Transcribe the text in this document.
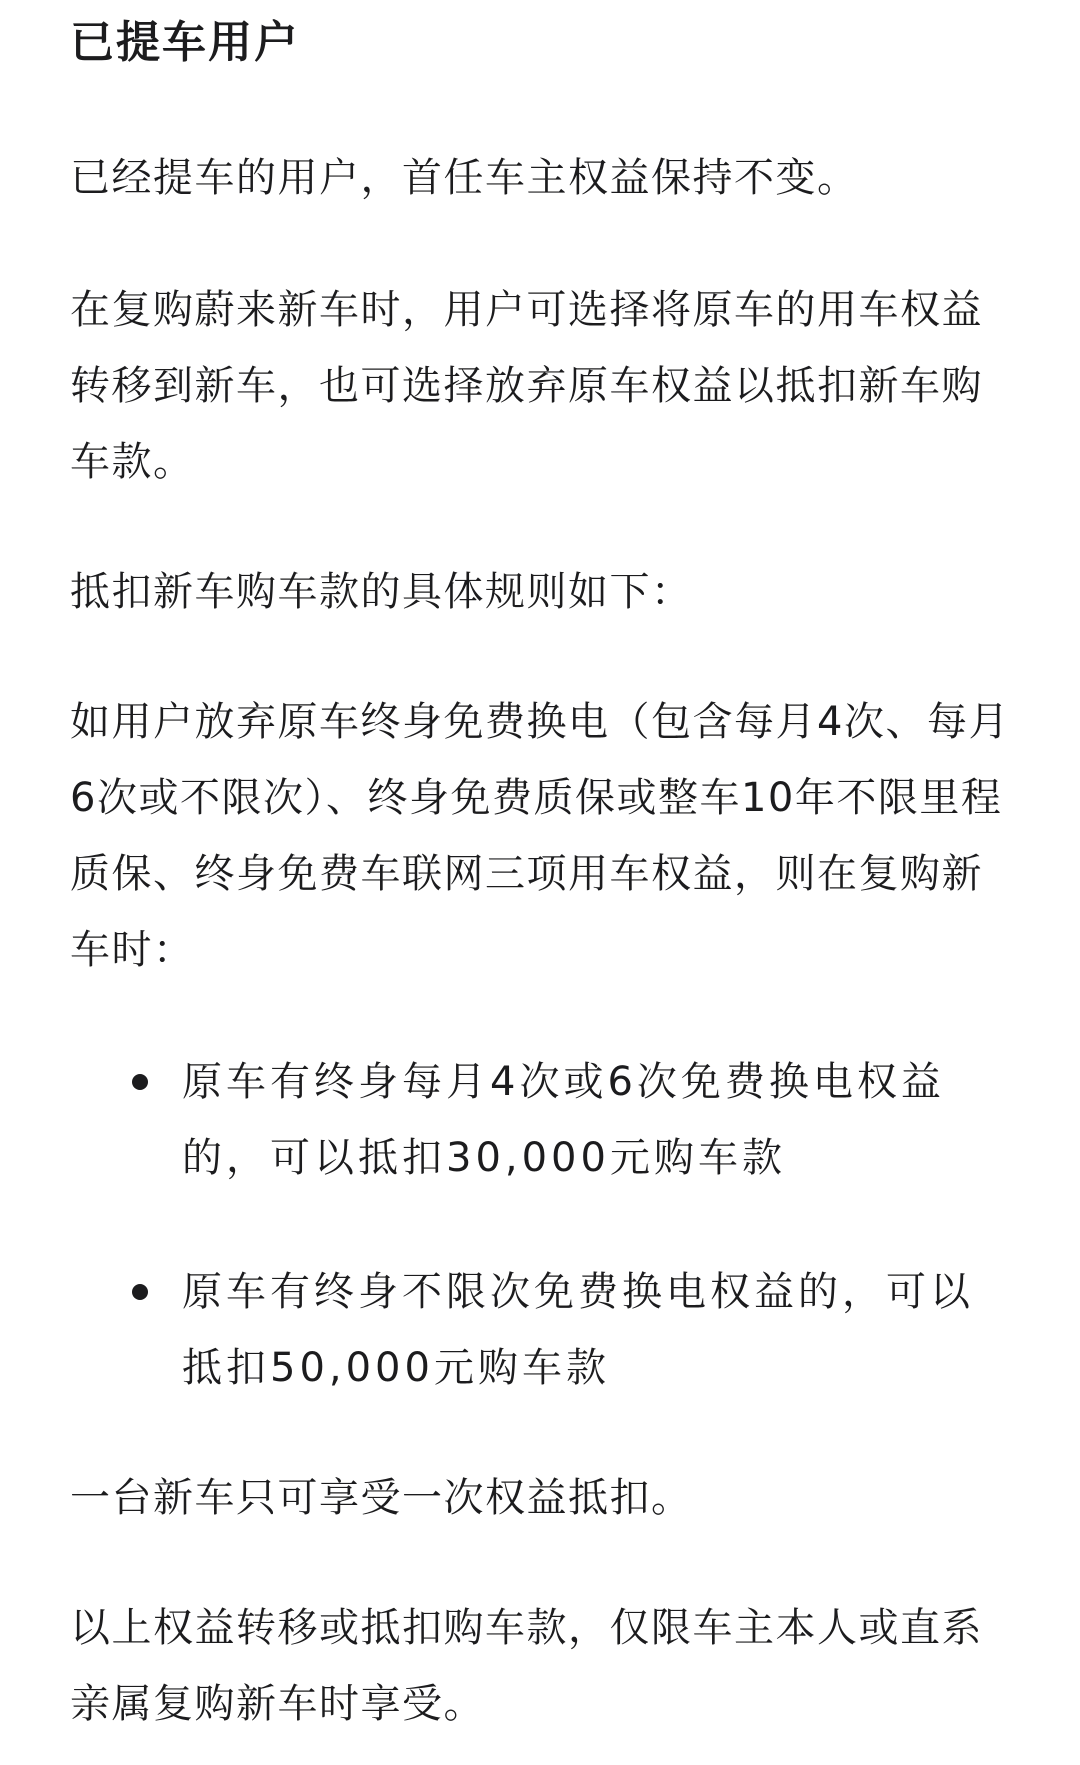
已提车用户

已经提车的用户，首任车主权益保持不变。

在复购蔚来新车时，用户可选择将原车的用车权益转移到新车，也可选择放弃原车权益以抵扣新车购车款。

抵扣新车购车款的具体规则如下：

如用户放弃原车终身免费换电（包含每月4次、每月6次或不限次）、终身免费质保或整车10年不限里程质保、终身免费车联网三项用车权益，则在复购新车时：

原车有终身每月4次或6次免费换电权益的，可以抵扣30,000元购车款
原车有终身不限次免费换电权益的，可以抵扣50,000元购车款

一台新车只可享受一次权益抵扣。

以上权益转移或抵扣购车款，仅限车主本人或直系亲属复购新车时享受。
